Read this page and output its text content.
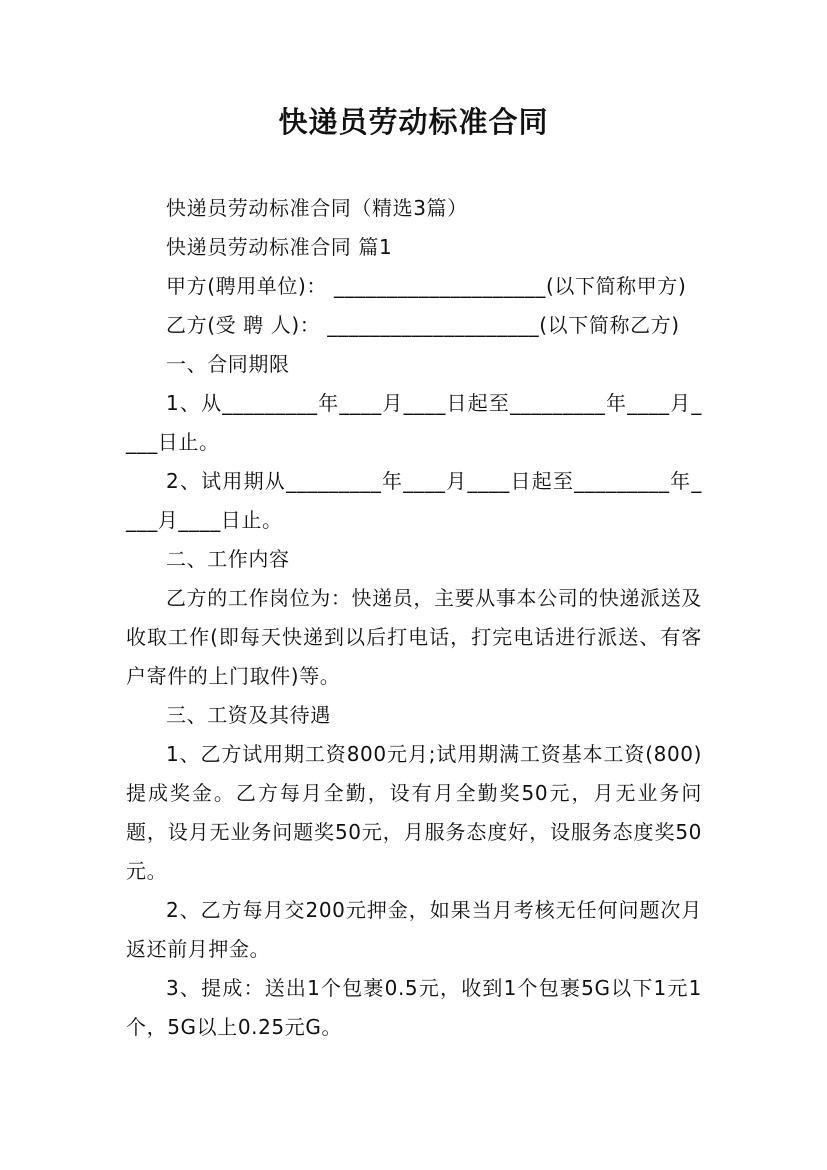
快递员劳动标准合同

快递员劳动标准合同（精选3篇）

快递员劳动标准合同 篇1

甲方(聘用单位)： ____________________(以下简称甲方)

乙方(受 聘 人)： ____________________(以下简称乙方)

一、合同期限

1、从_________年____月____日起至_________年____月____日止。

2、试用期从_________年____月____日起至_________年____月____日止。

二、工作内容

乙方的工作岗位为：快递员，主要从事本公司的快递派送及收取工作(即每天快递到以后打电话，打完电话进行派送、有客户寄件的上门取件)等。

三、工资及其待遇

1、乙方试用期工资800元月;试用期满工资基本工资(800)提成奖金。乙方每月全勤，设有月全勤奖50元，月无业务问题，设月无业务问题奖50元，月服务态度好，设服务态度奖50元。

2、乙方每月交200元押金，如果当月考核无任何问题次月返还前月押金。

3、提成：送出1个包裹0.5元，收到1个包裹5G以下1元1个，5G以上0.25元G。
